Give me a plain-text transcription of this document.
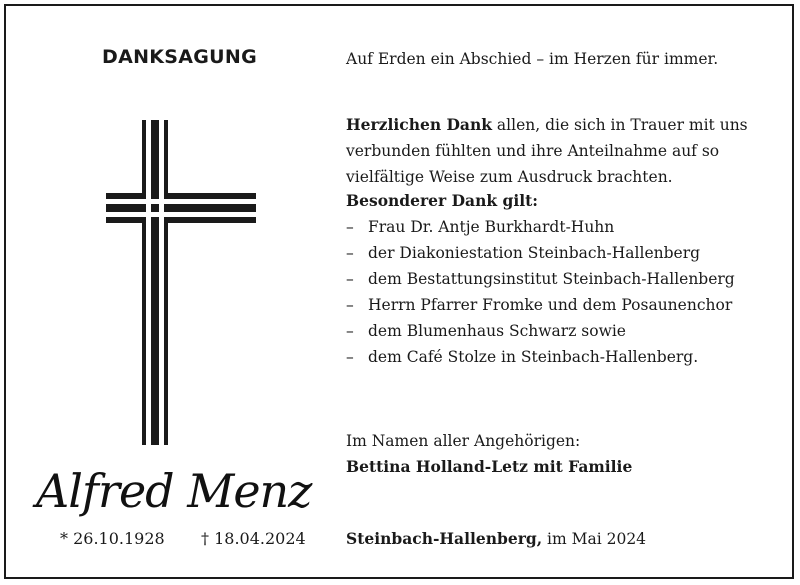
DANKSAGUNG
Alfred Menz
* 26.10.1928 † 18.04.2024
Auf Erden ein Abschied – im Herzen für immer.
Herzlichen Dank allen, die sich in Trauer mit uns
verbunden fühlten und ihre Anteilnahme auf so
vielfältige Weise zum Ausdruck brachten.
Besonderer Dank gilt:
– Frau Dr. Antje Burkhardt-Huhn
– der Diakoniestation Steinbach-Hallenberg
– dem Bestattungsinstitut Steinbach-Hallenberg
– Herrn Pfarrer Fromke und dem Posaunenchor
– dem Blumenhaus Schwarz sowie
– dem Café Stolze in Steinbach-Hallenberg.
Im Namen aller Angehörigen:
Bettina Holland-Letz mit Familie
Steinbach-Hallenberg, im Mai 2024
